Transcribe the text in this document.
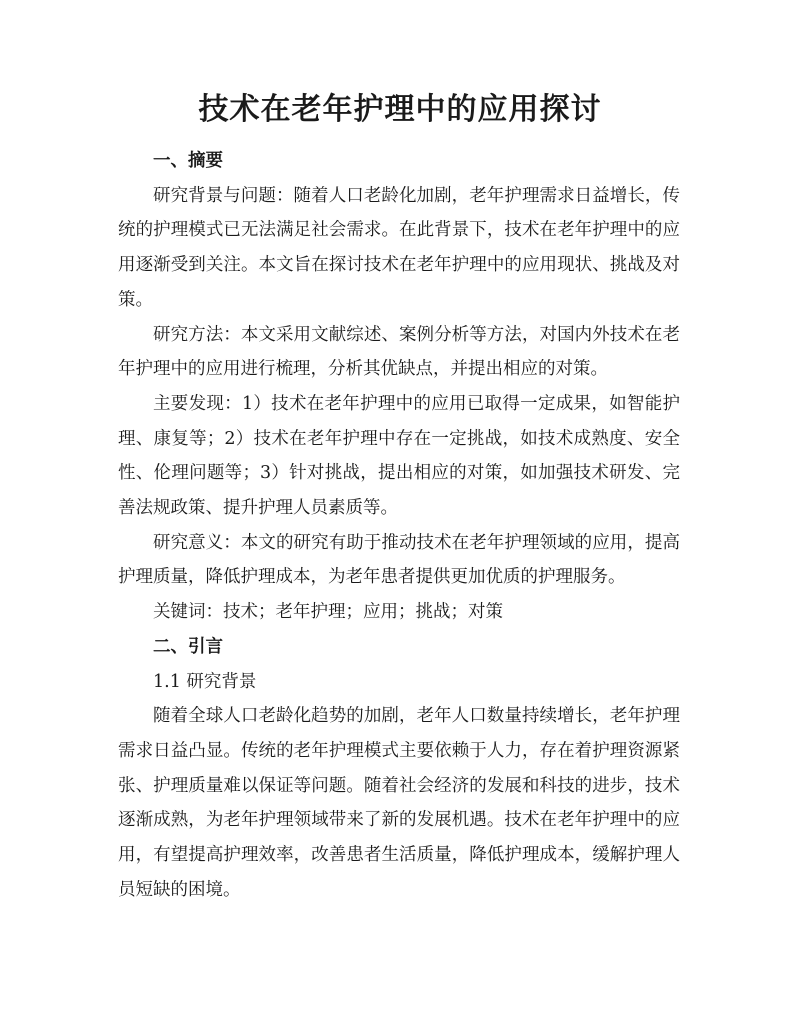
技术在老年护理中的应用探讨

一、摘要

研究背景与问题：随着人口老龄化加剧，老年护理需求日益增长，传统的护理模式已无法满足社会需求。在此背景下，技术在老年护理中的应用逐渐受到关注。本文旨在探讨技术在老年护理中的应用现状、挑战及对策。

研究方法：本文采用文献综述、案例分析等方法，对国内外技术在老年护理中的应用进行梳理，分析其优缺点，并提出相应的对策。

主要发现：1）技术在老年护理中的应用已取得一定成果，如智能护理、康复等；2）技术在老年护理中存在一定挑战，如技术成熟度、安全性、伦理问题等；3）针对挑战，提出相应的对策，如加强技术研发、完善法规政策、提升护理人员素质等。

研究意义：本文的研究有助于推动技术在老年护理领域的应用，提高护理质量，降低护理成本，为老年患者提供更加优质的护理服务。

关键词：技术；老年护理；应用；挑战；对策

二、引言

1.1 研究背景

随着全球人口老龄化趋势的加剧，老年人口数量持续增长，老年护理需求日益凸显。传统的老年护理模式主要依赖于人力，存在着护理资源紧张、护理质量难以保证等问题。随着社会经济的发展和科技的进步，技术逐渐成熟，为老年护理领域带来了新的发展机遇。技术在老年护理中的应用，有望提高护理效率，改善患者生活质量，降低护理成本，缓解护理人员短缺的困境。
